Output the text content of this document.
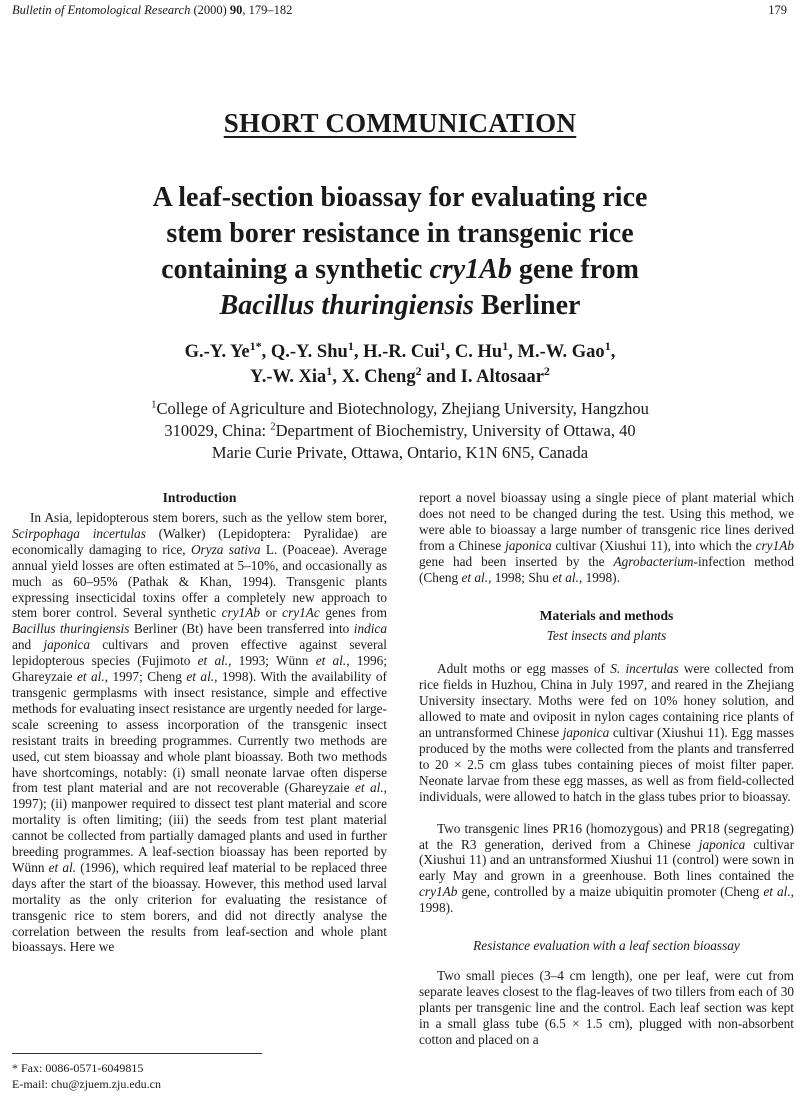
Bulletin of Entomological Research (2000) 90, 179–182	179
SHORT COMMUNICATION
A leaf-section bioassay for evaluating rice
stem borer resistance in transgenic rice
containing a synthetic cry1Ab gene from
Bacillus thuringiensis Berliner
G.-Y. $Ye^{1*}$, Q.-Y. Shu$^1$, H.-R. Cui$^1$, C. Hu$^1$, M.-W. Gao$^1$,
Y.-W. Xia$^1$, X. Cheng$^2$ and I. Altosaar$^2$
$^1$College of Agriculture and Biotechnology, Zhejiang University, Hangzhou
310029, China: $^2$Department of Biochemistry, University of Ottawa, 40
Marie Curie Private, Ottawa, Ontario, K1N 6N5, Canada
Introduction

In Asia, lepidopterous stem borers, such as the yellow stem borer, Scirpophaga incertulas (Walker) (Lepidoptera: Pyralidae) are economically damaging to rice, Oryza sativa L. (Poaceae). Average annual yield losses are often estimated at 5–10%, and occasionally as much as 60–95% (Pathak & Khan, 1994). Transgenic plants expressing insecticidal toxins offer a completely new approach to stem borer control. Several synthetic cry1Ab or cry1Ac genes from Bacillus thuringiensis Berliner (Bt) have been transferred into indica and japonica cultivars and proven effective against several lepidopterous species (Fujimoto et al., 1993; Wünn et al., 1996; Ghareyzaie et al., 1997; Cheng et al., 1998). With the availability of transgenic germplasms with insect resistance, simple and effective methods for evaluating insect resistance are urgently needed for large-scale screening to assess incorporation of the transgenic insect resistant traits in breeding programmes. Currently two methods are used, cut stem bioassay and whole plant bioassay. Both two methods have shortcomings, notably: (i) small neonate larvae often disperse from test plant material and are not recoverable (Ghareyzaie et al., 1997); (ii) manpower required to dissect test plant material and score mortality is often limiting; (iii) the seeds from test plant material cannot be collected from partially damaged plants and used in further breeding programmes. A leaf-section bioassay has been reported by Wünn et al. (1996), which required leaf material to be replaced three days after the start of the bioassay. However, this method used larval mortality as the only criterion for evaluating the resistance of transgenic rice to stem borers, and did not directly analyse the correlation between the results from leaf-section and whole plant bioassays. Here we

report a novel bioassay using a single piece of plant material which does not need to be changed during the test. Using this method, we were able to bioassay a large number of transgenic rice lines derived from a Chinese japonica cultivar (Xiushui 11), into which the cry1Ab gene had been inserted by the Agrobacterium-infection method (Cheng et al., 1998; Shu et al., 1998).

Materials and methods
Test insects and plants

Adult moths or egg masses of S. incertulas were collected from rice fields in Huzhou, China in July 1997, and reared in the Zhejiang University insectary. Moths were fed on 10% honey solution, and allowed to mate and oviposit in nylon cages containing rice plants of an untransformed Chinese japonica cultivar (Xiushui 11). Egg masses produced by the moths were collected from the plants and transferred to 20 × 2.5 cm glass tubes containing pieces of moist filter paper. Neonate larvae from these egg masses, as well as from field-collected individuals, were allowed to hatch in the glass tubes prior to bioassay.

Two transgenic lines PR16 (homozygous) and PR18 (segregating) at the R3 generation, derived from a Chinese japonica cultivar (Xiushui 11) and an untransformed Xiushui 11 (control) were sown in early May and grown in a greenhouse. Both lines contained the cry1Ab gene, controlled by a maize ubiquitin promoter (Cheng et al., 1998).

Resistance evaluation with a leaf section bioassay

Two small pieces (3–4 cm length), one per leaf, were cut from separate leaves closest to the flag-leaves of two tillers from each of 30 plants per transgenic line and the control. Each leaf section was kept in a small glass tube (6.5 × 1.5 cm), plugged with non-absorbent cotton and placed on a

* Fax: 0086-0571-6049815
E-mail: chu@zjuem.zju.edu.cn
